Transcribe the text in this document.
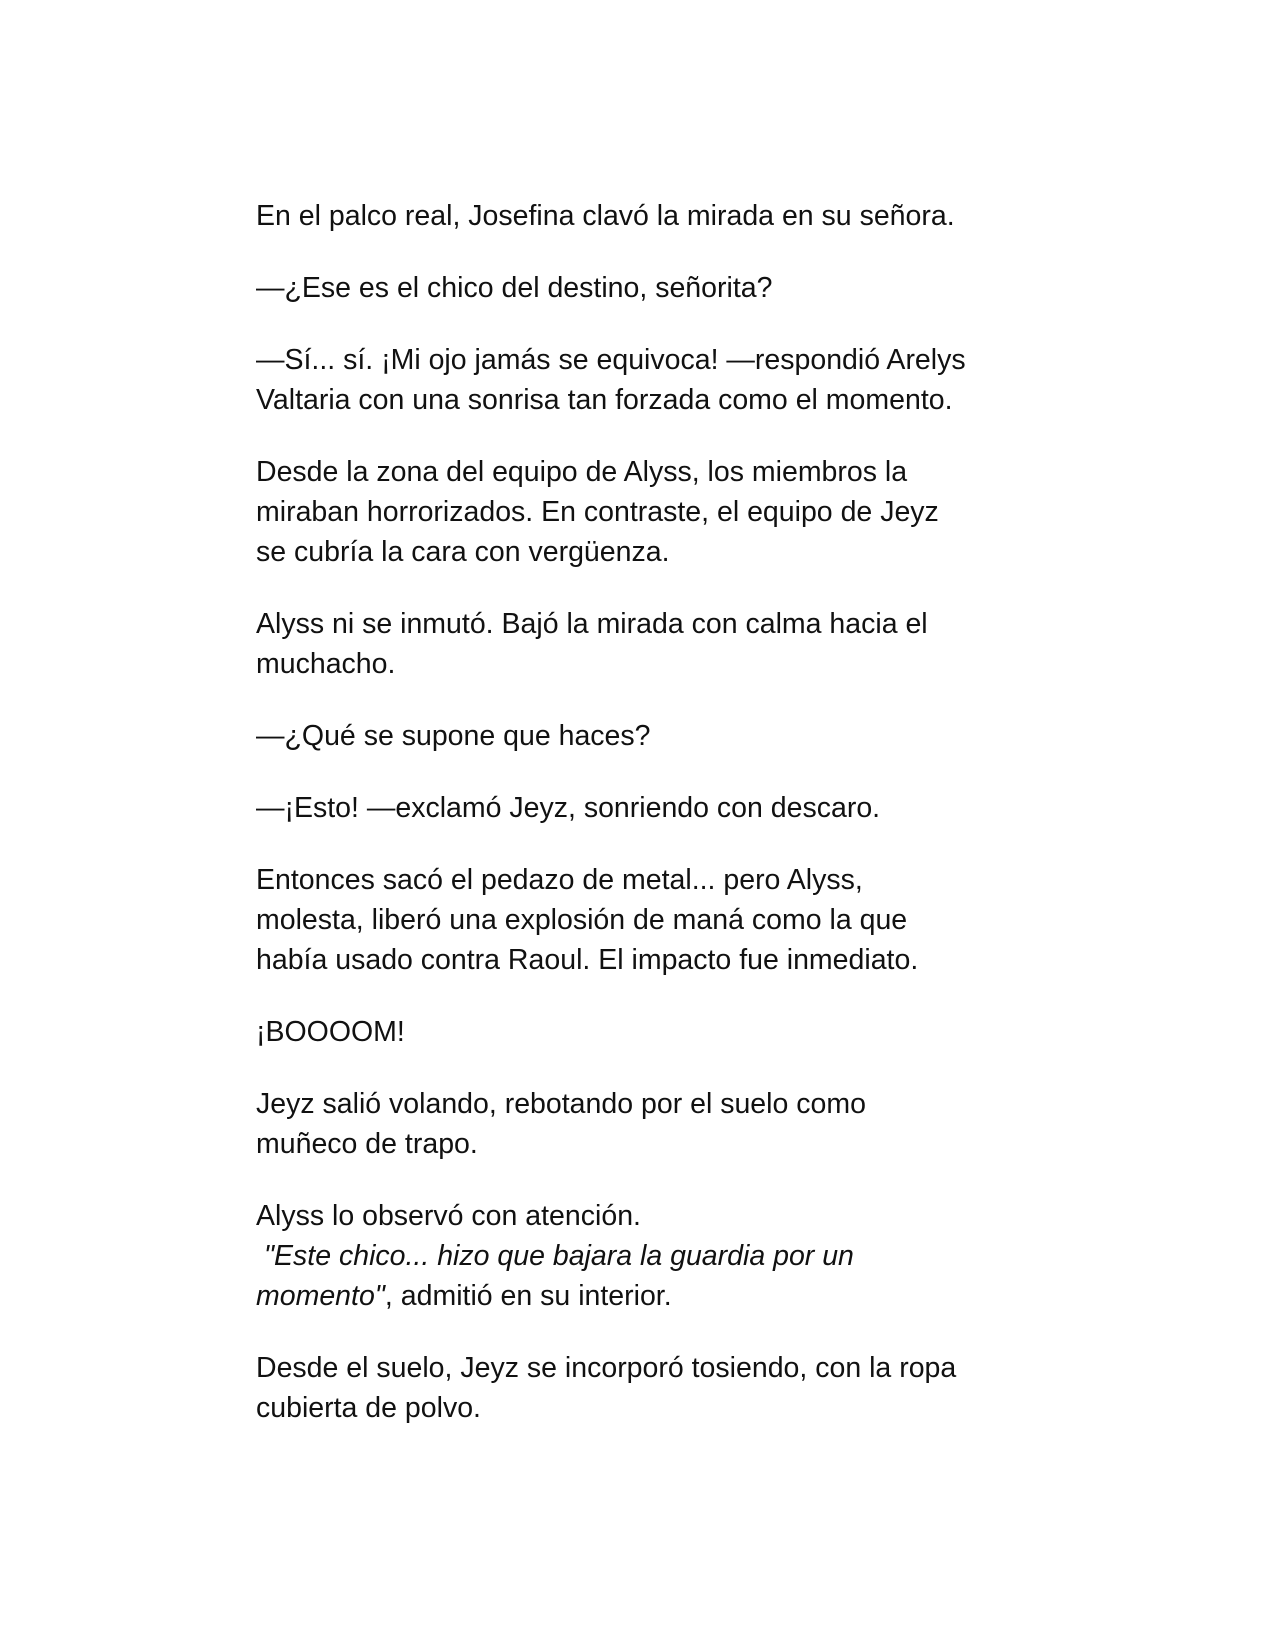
En el palco real, Josefina clavó la mirada en su señora.

—¿Ese es el chico del destino, señorita?

—Sí... sí. ¡Mi ojo jamás se equivoca! —respondió Arelys
Valtaria con una sonrisa tan forzada como el momento.

Desde la zona del equipo de Alyss, los miembros la
miraban horrorizados. En contraste, el equipo de Jeyz
se cubría la cara con vergüenza.

Alyss ni se inmutó. Bajó la mirada con calma hacia el
muchacho.

—¿Qué se supone que haces?

—¡Esto! —exclamó Jeyz, sonriendo con descaro.

Entonces sacó el pedazo de metal... pero Alyss,
molesta, liberó una explosión de maná como la que
había usado contra Raoul. El impacto fue inmediato.

¡BOOOOM!

Jeyz salió volando, rebotando por el suelo como
muñeco de trapo.

Alyss lo observó con atención.
"Este chico... hizo que bajara la guardia por un
momento", admitió en su interior.

Desde el suelo, Jeyz se incorporó tosiendo, con la ropa
cubierta de polvo.
